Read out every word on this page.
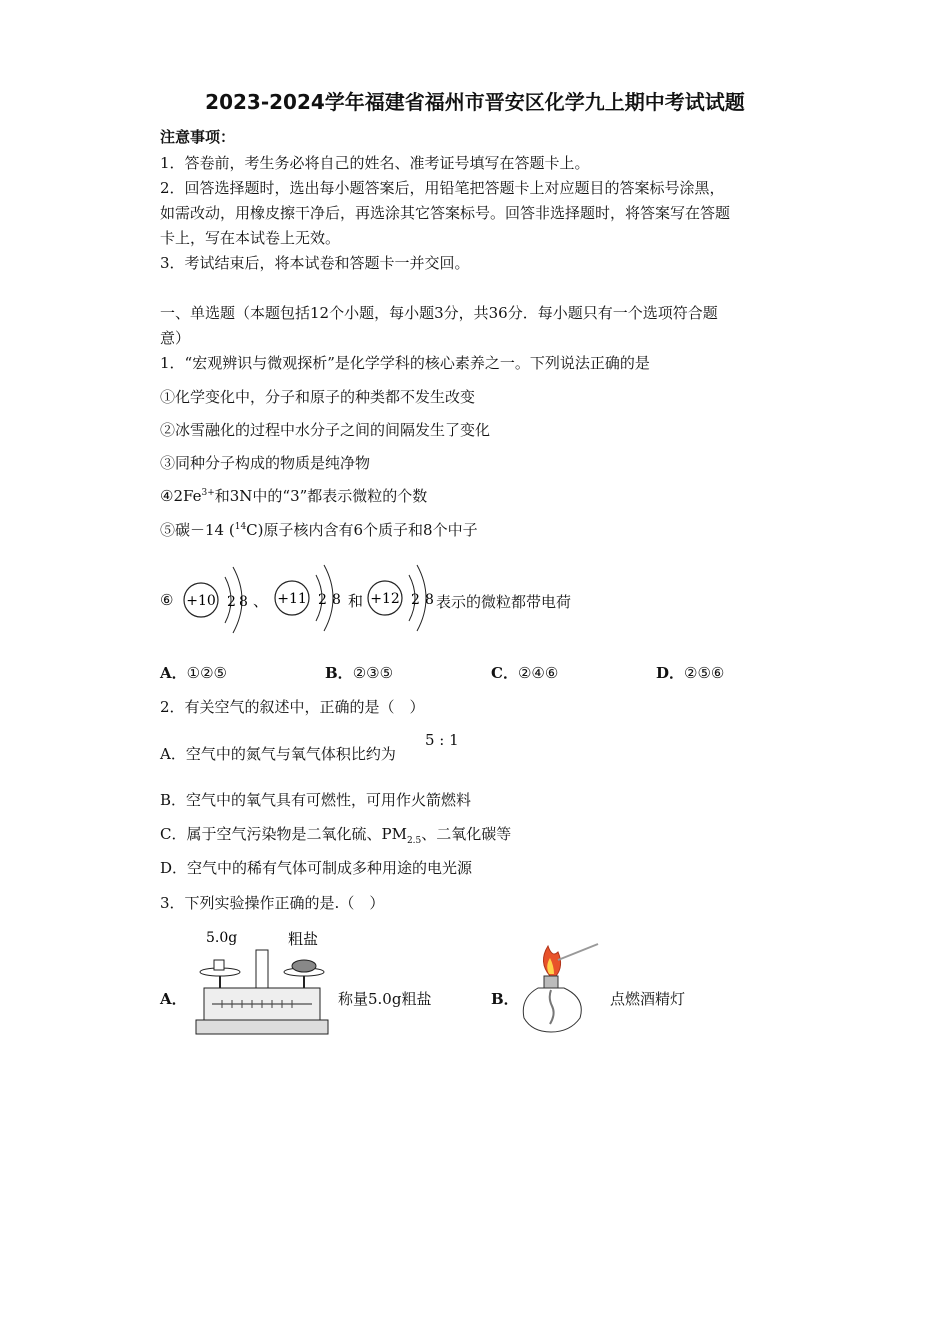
2023-2024学年福建省福州市晋安区化学九上期中考试试题
注意事项：
1．答卷前，考生务必将自己的姓名、准考证号填写在答题卡上。
2．回答选择题时，选出每小题答案后，用铅笔把答题卡上对应题目的答案标号涂黑，
如需改动，用橡皮擦干净后，再选涂其它答案标号。回答非选择题时，将答案写在答题
卡上，写在本试卷上无效。
3．考试结束后，将本试卷和答题卡一并交回。
一、单选题（本题包括12个小题，每小题3分，共36分．每小题只有一个选项符合题
意）
1．“宏观辨识与微观探析”是化学学科的核心素养之一。下列说法正确的是
①化学变化中，分子和原子的种类都不发生改变
②冰雪融化的过程中水分子之间的间隔发生了变化
③同种分子构成的物质是纯净物
$④2Fe^{3+}$和3N中的“3”都表示微粒的个数
⑤碳－14 ($^{14}$C)原子核内含有6个质子和8个中子
⑥ +10 2 8 、 +11 2 8 和 +12 2 8 表示的微粒都带电荷
A．①②⑤	B．②③⑤	C．②④⑥	D．②⑤⑥
2．有关空气的叙述中，正确的是（　）
A．空气中的氮气与氧气体积比约为
5 : 1
B．空气中的氧气具有可燃性，可用作火箭燃料
C．属于空气污染物是二氧化硫、$PM_{2.5}$、二氧化碳等
D．空气中的稀有气体可制成多种用途的电光源
3．下列实验操作正确的是.（　）
A．
5.0g	粗盐
称量5.0g粗盐	B．	点燃酒精灯
